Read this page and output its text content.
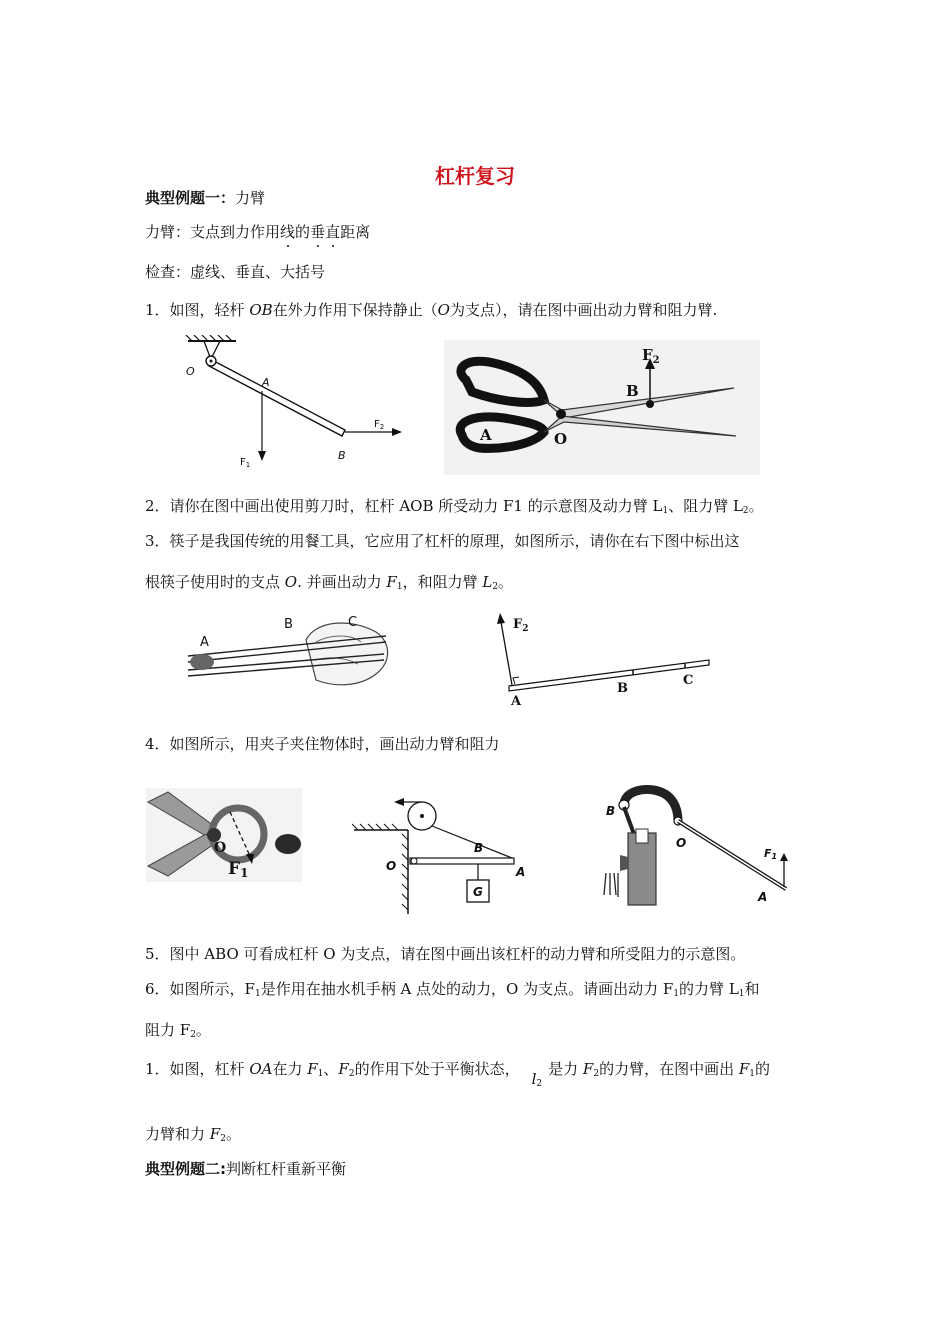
杠杆复习
典型例题一：力臂
力臂：支点到力作用线的垂直距离
检查：虚线、垂直、大括号
1．如图，轻杆 OB在外力作用下保持静止（O为支点），请在图中画出动力臂和阻力臂.
O
A
$F_1$
$F_2$
B
$F_2$
B
A	O
2．请你在图中画出使用剪刀时，杠杆 AOB 所受动力 F1 的示意图及动力臂 $L_1$、阻力臂 $L_2$。
3．筷子是我国传统的用餐工具，它应用了杠杆的原理，如图所示，请你在右下图中标出这
根筷子使用时的支点 O. 并画出动力 $F_1$，和阻力臂 $L_2$。
A
B	C	$F_2$
A
B
C
4．如图所示，用夹子夹住物体时，画出动力臂和阻力
O
F1
G
O
B
A
B
O
F1
A
5．图中 ABO 可看成杠杆 O 为支点，请在图中画出该杠杆的动力臂和所受阻力的示意图。
6．如图所示，$F_1$是作用在抽水机手柄 A 点处的动力，O 为支点。请画出动力 $F_1$的力臂 $L_1$和
阻力 $F_2$。
1．如图，杠杆 OA在力 $F_1$、$F_2$的作用下处于平衡状态，$l_2$是力 $F_2$的力臂，在图中画出 $F_1$的
力臂和力 $F_2$。
典型例题二:判断杠杆重新平衡
